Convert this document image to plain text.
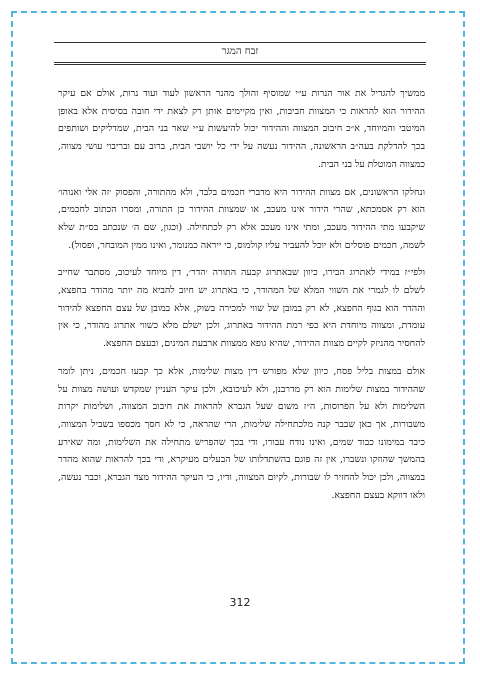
זבח המגר

ממשיך להגדיל את אור הנרות ע״י שמוסיף והולך מהנר הראשון לעוד ועוד נרות, אולם אם עיקר ההידור הוא להראות כי המצוות חביבות, ואין מקיימים אותן רק לצאת ידי חובה בסיסית אלא באופן המיטבי והמיוחד, א״כ חיבוב המצווה וההידור יכול להיעשות ע״י שאר בני הבית, שמדליקים ושותפים בכך להדלקת בעה״ב הראשונה, ההידור נעשה על ידי כל יושבי הבית, ברוב עם ובריבוי עושי מצווה, כמצווה המוטלת על בני הבית.

ונחלקו הראשונים, אם מצוות ההידור היא מדברי חכמים בלבד, ולא מהתורה, והפסוק ׳זה אלי ואנוהו׳ הוא רק אסמכתא, שהרי הידור אינו מעכב, או שמצוות ההידור כן התורה, ומסרו הכתוב לחכמים, שיקבעו מתי ההידור מעכב, ומתי אינו מעכב אלא רק לכתחילה. (וכגון, שם ה׳ שנכתב בס״ת שלא לשמה, חכמים פוסלים ולא יוכל להעביר עליו קולמוס, כי ייראה כמנומר, ואינו ממין המובחר, ופסול).

ולפי״ז במידי לאתרוג הבירו, כיוון שבאתרוג קבעה התורה ׳הדר׳, דין מיוחד לעיכוב, מסתבר שחייב לשלם לו לגמרי את השווי המלא של המהודר, כי באתרוג יש חיוב להביא מה יותר מהודר בחפצא, וההדר הוא בגוף החפצא, לא רק במובן של שווי למכירה בשוק, אלא במובן של עצם החפצא להידור עומדת, ומצווה מיוחדת היא כפי רמת ההידור באתרוג, ולכן ישלם מלא כשווי אתרוג מהודר, כי אין להחסיר מהניזק לקיים מצוות ההידור, שהיא גופא ממצוות ארבעת המינים, ובעצם החפצא.

אולם במצות בליל פסח, כיוון שלא מפורש דין מצות שלימות, אלא כך קבעו חכמים, ניתן לומר שההידור במצות שלימות הוא רק מדרבנן, ולא לעיכובא, ולכן עיקר העניין שמקדש ועושה מצוות על השלימות ולא על הפרוסות, ה״ז משום שעל הגברא להראות את חיבוב המצווה, ושלימות יקרות משבורות, אך כאן שבבר קנה מלכתחילה שלימות, הרי שהראה, כי לא חסך מכספו בשביל המצווה, כיבד במימונו כבוד שמים, ואינו נודח עבורו, ודי בכך שהפריש מתחילה את השלימות, ומה שאירע בהמשך שהוזקו ונשברו, אין זה פוגם בהשתדלותו של הבעלים מעיקרא, ודי בכך להראות שהוא מהדר במצווה, ולכן יכול להחזיר לו שבורות, לקיום המצווה, ודיו, כי העיקר ההידור מצד הגברא, וכבר נעשה, ולאו דווקא בעצם החפצא.

312
